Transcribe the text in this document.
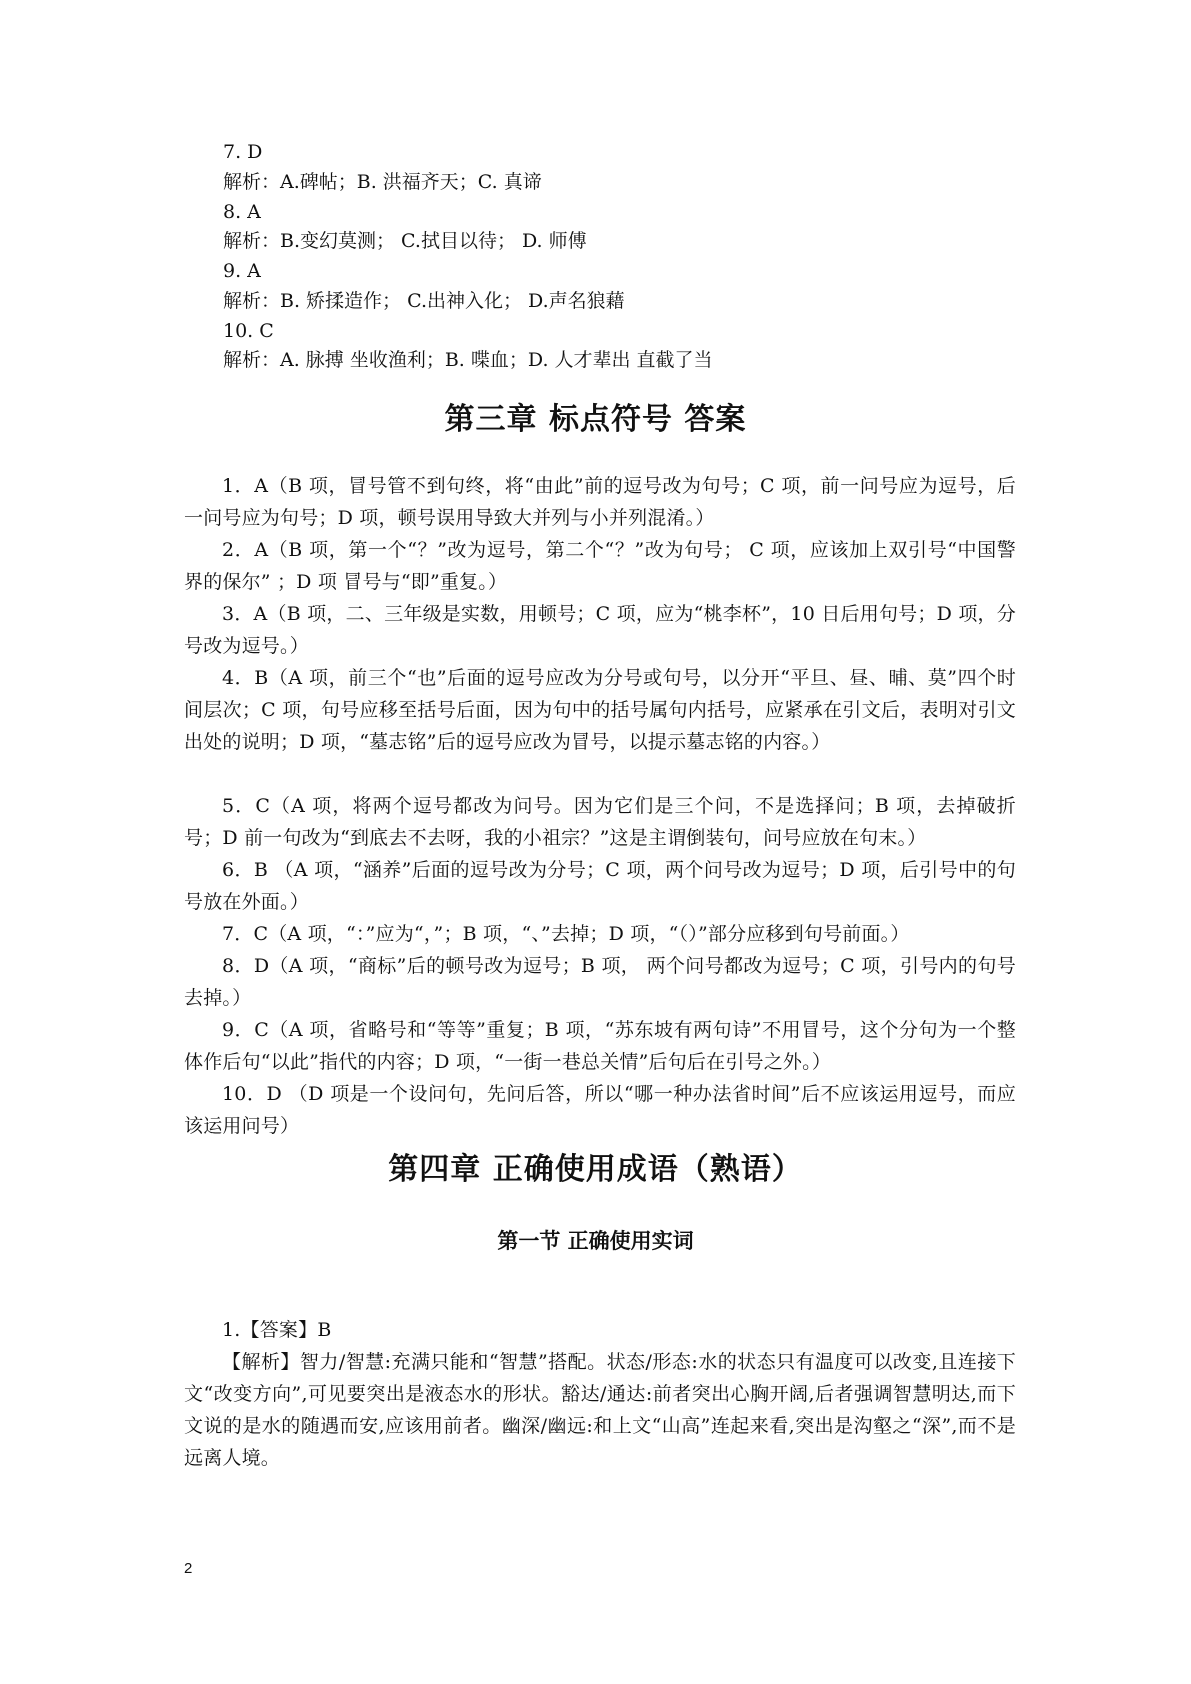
7. D
解析：A.碑帖；B. 洪福齐天；C. 真谛
8. A
解析：B.变幻莫测； C.拭目以待； D. 师傅
9. A
解析：B. 矫揉造作； C.出神入化； D.声名狼藉
10. C
解析：A. 脉搏 坐收渔利；B. 喋血；D. 人才辈出 直截了当
第三章 标点符号 答案
1．A（B 项，冒号管不到句终，将“由此”前的逗号改为句号；C 项，前一问号应为逗号，后一问号应为句号；D 项，顿号误用导致大并列与小并列混淆。）
2．A（B 项，第一个“？”改为逗号，第二个“？”改为句号； C 项，应该加上双引号“中国警界的保尔” ；D 项 冒号与“即”重复。）
3．A（B 项，二、三年级是实数，用顿号；C 项，应为“桃李杯”，10 日后用句号；D 项，分号改为逗号。）
4．B（A 项，前三个“也”后面的逗号应改为分号或句号，以分开“平旦、昼、晡、莫”四个时间层次；C 项，句号应移至括号后面，因为句中的括号属句内括号，应紧承在引文后，表明对引文出处的说明；D 项，“墓志铭”后的逗号应改为冒号，以提示墓志铭的内容。）
5．C（A 项，将两个逗号都改为问号。因为它们是三个问，不是选择问；B 项，去掉破折号；D 前一句改为“到底去不去呀，我的小祖宗？”这是主谓倒装句，问号应放在句末。）
6．B （A 项，“涵养”后面的逗号改为分号；C 项，两个问号改为逗号；D 项，后引号中的句号放在外面。）
7．C（A 项，“：”应为“，”；B 项，“、”去掉；D 项，“（）”部分应移到句号前面。）
8．D（A 项，“商标”后的顿号改为逗号；B 项， 两个问号都改为逗号；C 项，引号内的句号去掉。）
9．C（A 项，省略号和“等等”重复；B 项，“苏东坡有两句诗”不用冒号，这个分句为一个整体作后句“以此”指代的内容；D 项，“一街一巷总关情”后句后在引号之外。）
10．D （D 项是一个设问句，先问后答，所以“哪一种办法省时间”后不应该运用逗号，而应该运用问号）
第四章 正确使用成语（熟语）
第一节 正确使用实词
1.【答案】B
【解析】智力/智慧:充满只能和“智慧”搭配。状态/形态:水的状态只有温度可以改变,且连接下文“改变方向”,可见要突出是液态水的形状。豁达/通达:前者突出心胸开阔,后者强调智慧明达,而下文说的是水的随遇而安,应该用前者。幽深/幽远:和上文“山高”连起来看,突出是沟壑之“深”,而不是远离人境。
2
